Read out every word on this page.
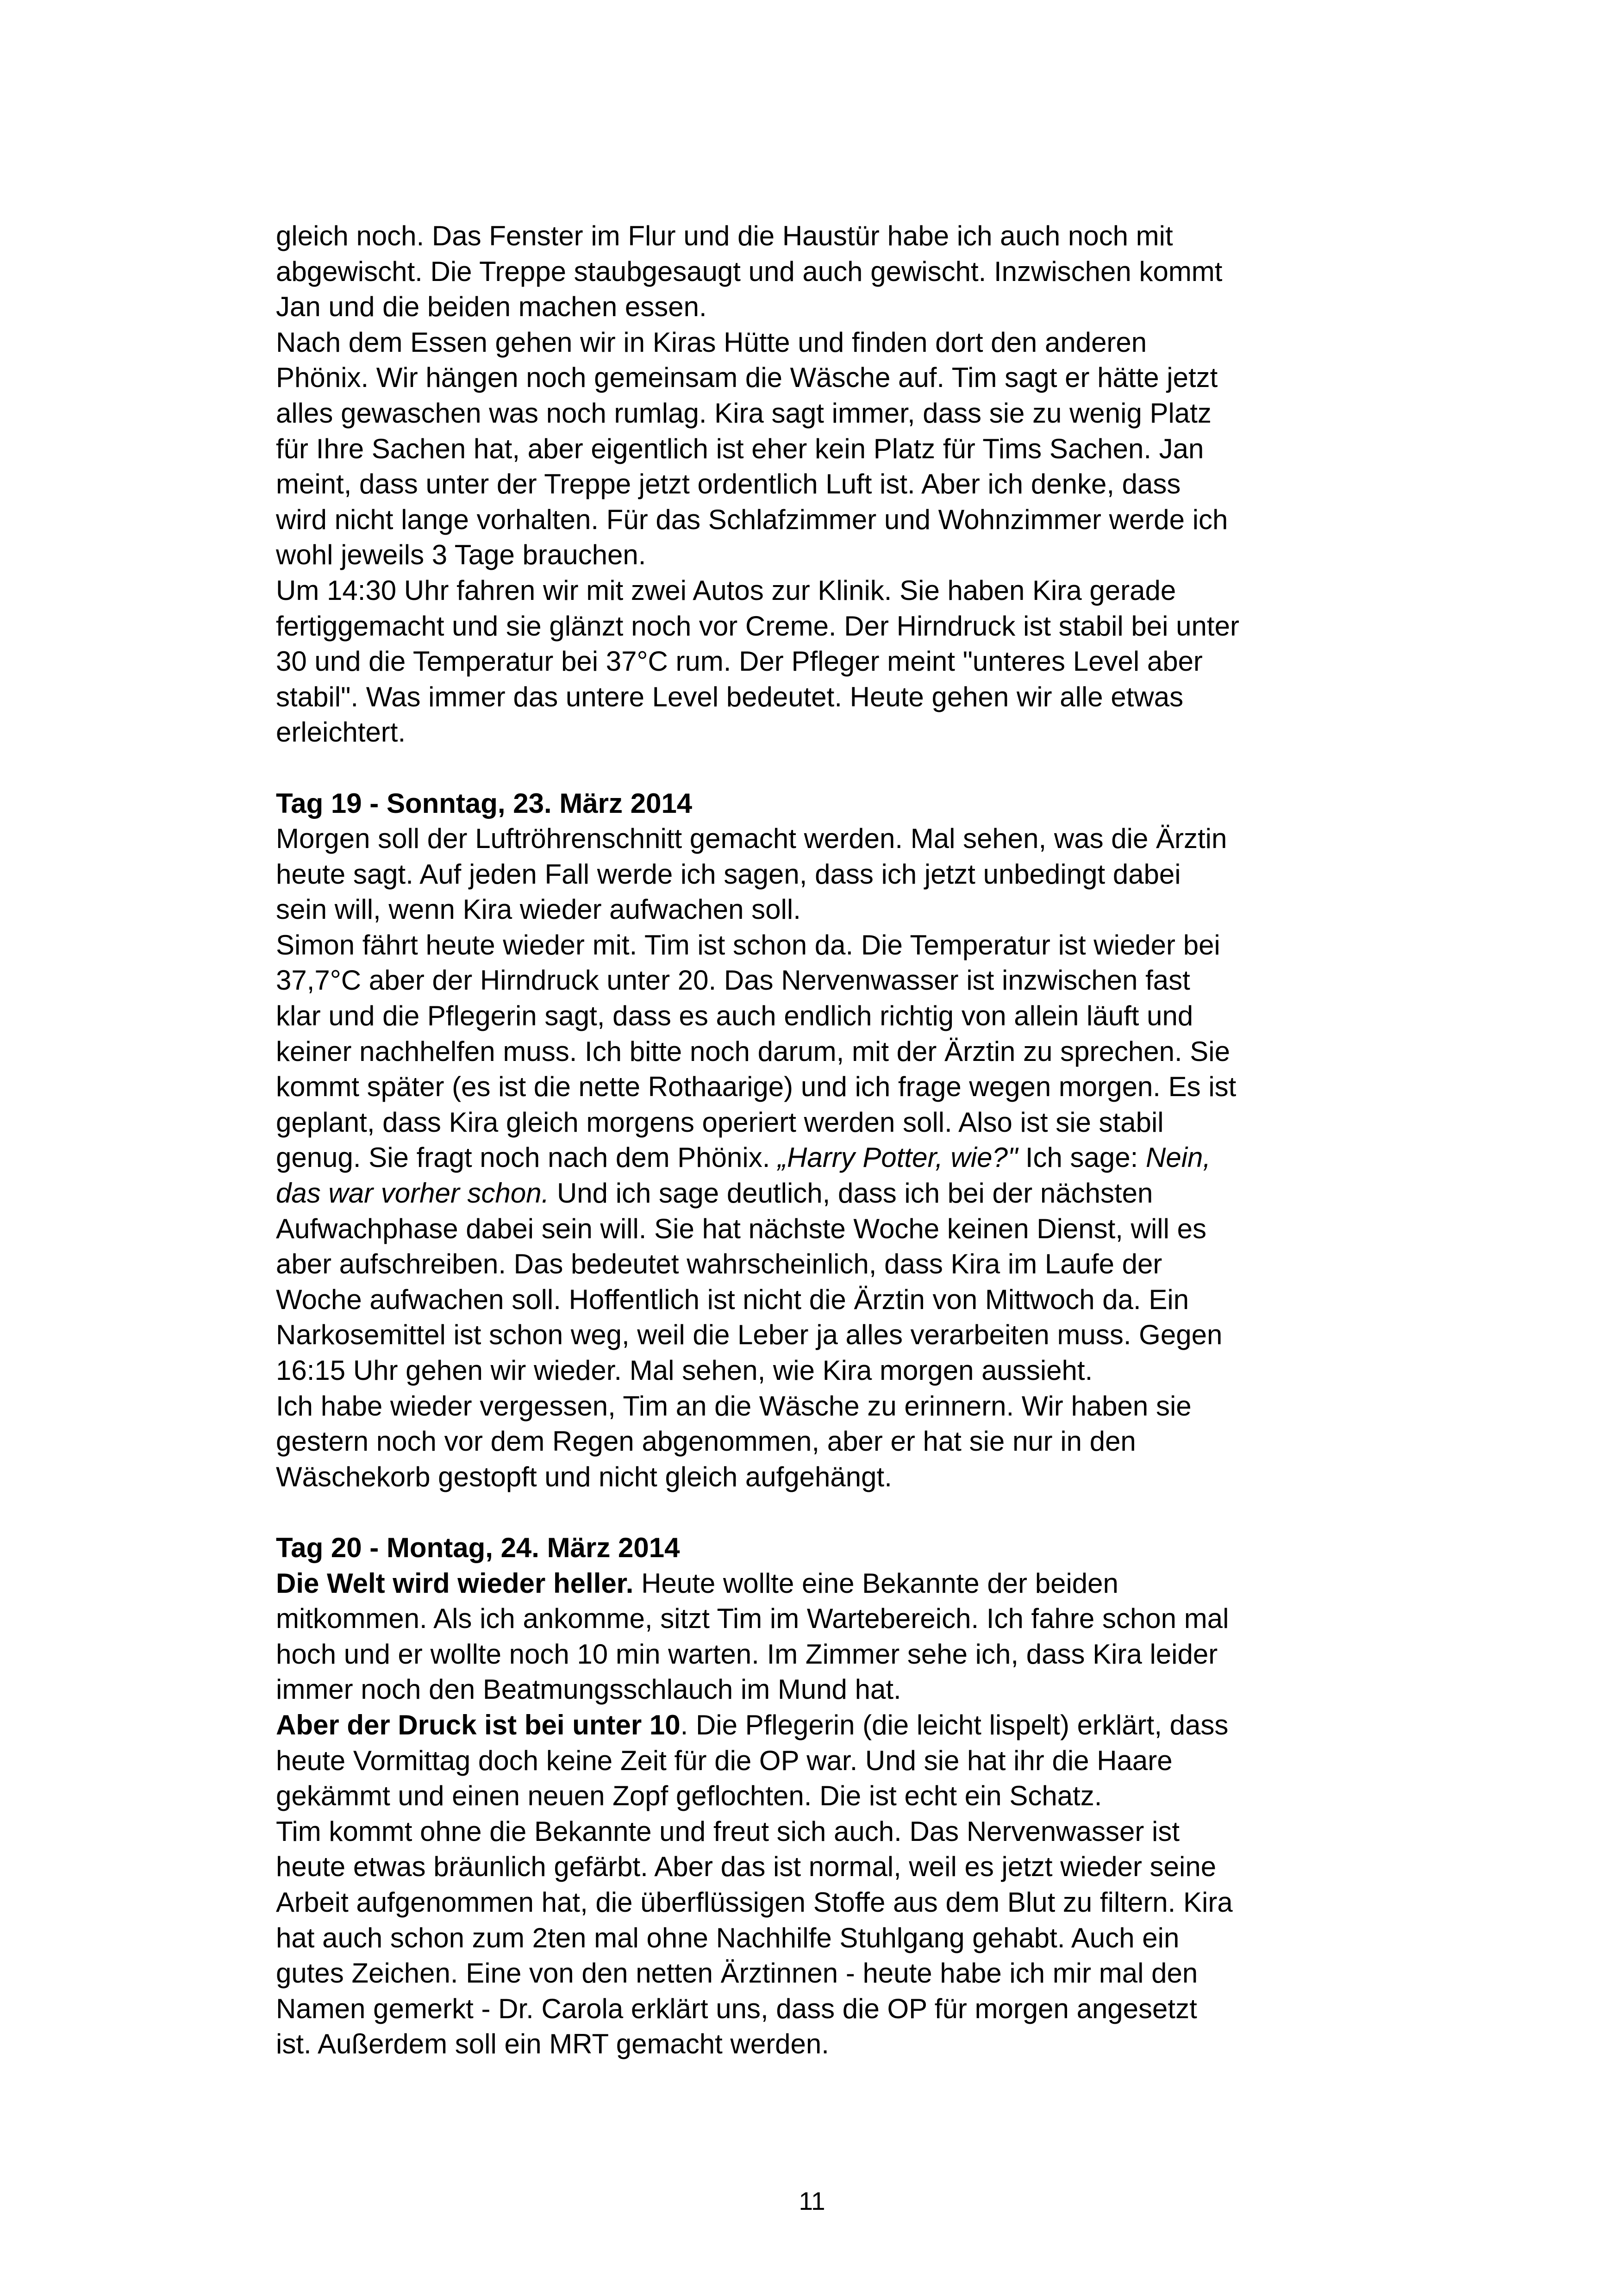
gleich noch. Das Fenster im Flur und die Haustür habe ich auch noch mit

abgewischt. Die Treppe staubgesaugt und auch gewischt. Inzwischen kommt

Jan und die beiden machen essen.

Nach dem Essen gehen wir in Kiras Hütte und finden dort den anderen

Phönix. Wir hängen noch gemeinsam die Wäsche auf. Tim sagt er hätte jetzt

alles gewaschen was noch rumlag. Kira sagt immer, dass sie zu wenig Platz

für Ihre Sachen hat, aber eigentlich ist eher kein Platz für Tims Sachen. Jan

meint, dass unter der Treppe jetzt ordentlich Luft ist. Aber ich denke, dass

wird nicht lange vorhalten. Für das Schlafzimmer und Wohnzimmer werde ich

wohl jeweils 3 Tage brauchen.

Um 14:30 Uhr fahren wir mit zwei Autos zur Klinik. Sie haben Kira gerade

fertiggemacht und sie glänzt noch vor Creme. Der Hirndruck ist stabil bei unter

30 und die Temperatur bei 37°C rum. Der Pfleger meint "unteres Level aber

stabil". Was immer das untere Level bedeutet. Heute gehen wir alle etwas

erleichtert.

Tag 19 - Sonntag, 23. März 2014

Morgen soll der Luftröhrenschnitt gemacht werden. Mal sehen, was die Ärztin

heute sagt. Auf jeden Fall werde ich sagen, dass ich jetzt unbedingt dabei

sein will, wenn Kira wieder aufwachen soll.

Simon fährt heute wieder mit. Tim ist schon da. Die Temperatur ist wieder bei

37,7°C aber der Hirndruck unter 20. Das Nervenwasser ist inzwischen fast

klar und die Pflegerin sagt, dass es auch endlich richtig von allein läuft und

keiner nachhelfen muss. Ich bitte noch darum, mit der Ärztin zu sprechen. Sie

kommt später (es ist die nette Rothaarige) und ich frage wegen morgen. Es ist

geplant, dass Kira gleich morgens operiert werden soll. Also ist sie stabil

genug. Sie fragt noch nach dem Phönix. „Harry Potter, wie?" Ich sage: Nein,

das war vorher schon. Und ich sage deutlich, dass ich bei der nächsten

Aufwachphase dabei sein will. Sie hat nächste Woche keinen Dienst, will es

aber aufschreiben. Das bedeutet wahrscheinlich, dass Kira im Laufe der

Woche aufwachen soll. Hoffentlich ist nicht die Ärztin von Mittwoch da. Ein

Narkosemittel ist schon weg, weil die Leber ja alles verarbeiten muss. Gegen

16:15 Uhr gehen wir wieder. Mal sehen, wie Kira morgen aussieht.

Ich habe wieder vergessen, Tim an die Wäsche zu erinnern. Wir haben sie

gestern noch vor dem Regen abgenommen, aber er hat sie nur in den

Wäschekorb gestopft und nicht gleich aufgehängt.

Tag 20 - Montag, 24. März 2014

Die Welt wird wieder heller. Heute wollte eine Bekannte der beiden

mitkommen. Als ich ankomme, sitzt Tim im Wartebereich. Ich fahre schon mal

hoch und er wollte noch 10 min warten. Im Zimmer sehe ich, dass Kira leider

immer noch den Beatmungsschlauch im Mund hat.

Aber der Druck ist bei unter 10. Die Pflegerin (die leicht lispelt) erklärt, dass

heute Vormittag doch keine Zeit für die OP war. Und sie hat ihr die Haare

gekämmt und einen neuen Zopf geflochten. Die ist echt ein Schatz.

Tim kommt ohne die Bekannte und freut sich auch. Das Nervenwasser ist

heute etwas bräunlich gefärbt. Aber das ist normal, weil es jetzt wieder seine

Arbeit aufgenommen hat, die überflüssigen Stoffe aus dem Blut zu filtern. Kira

hat auch schon zum 2ten mal ohne Nachhilfe Stuhlgang gehabt. Auch ein

gutes Zeichen. Eine von den netten Ärztinnen - heute habe ich mir mal den

Namen gemerkt - Dr. Carola erklärt uns, dass die OP für morgen angesetzt

ist. Außerdem soll ein MRT gemacht werden.

11
